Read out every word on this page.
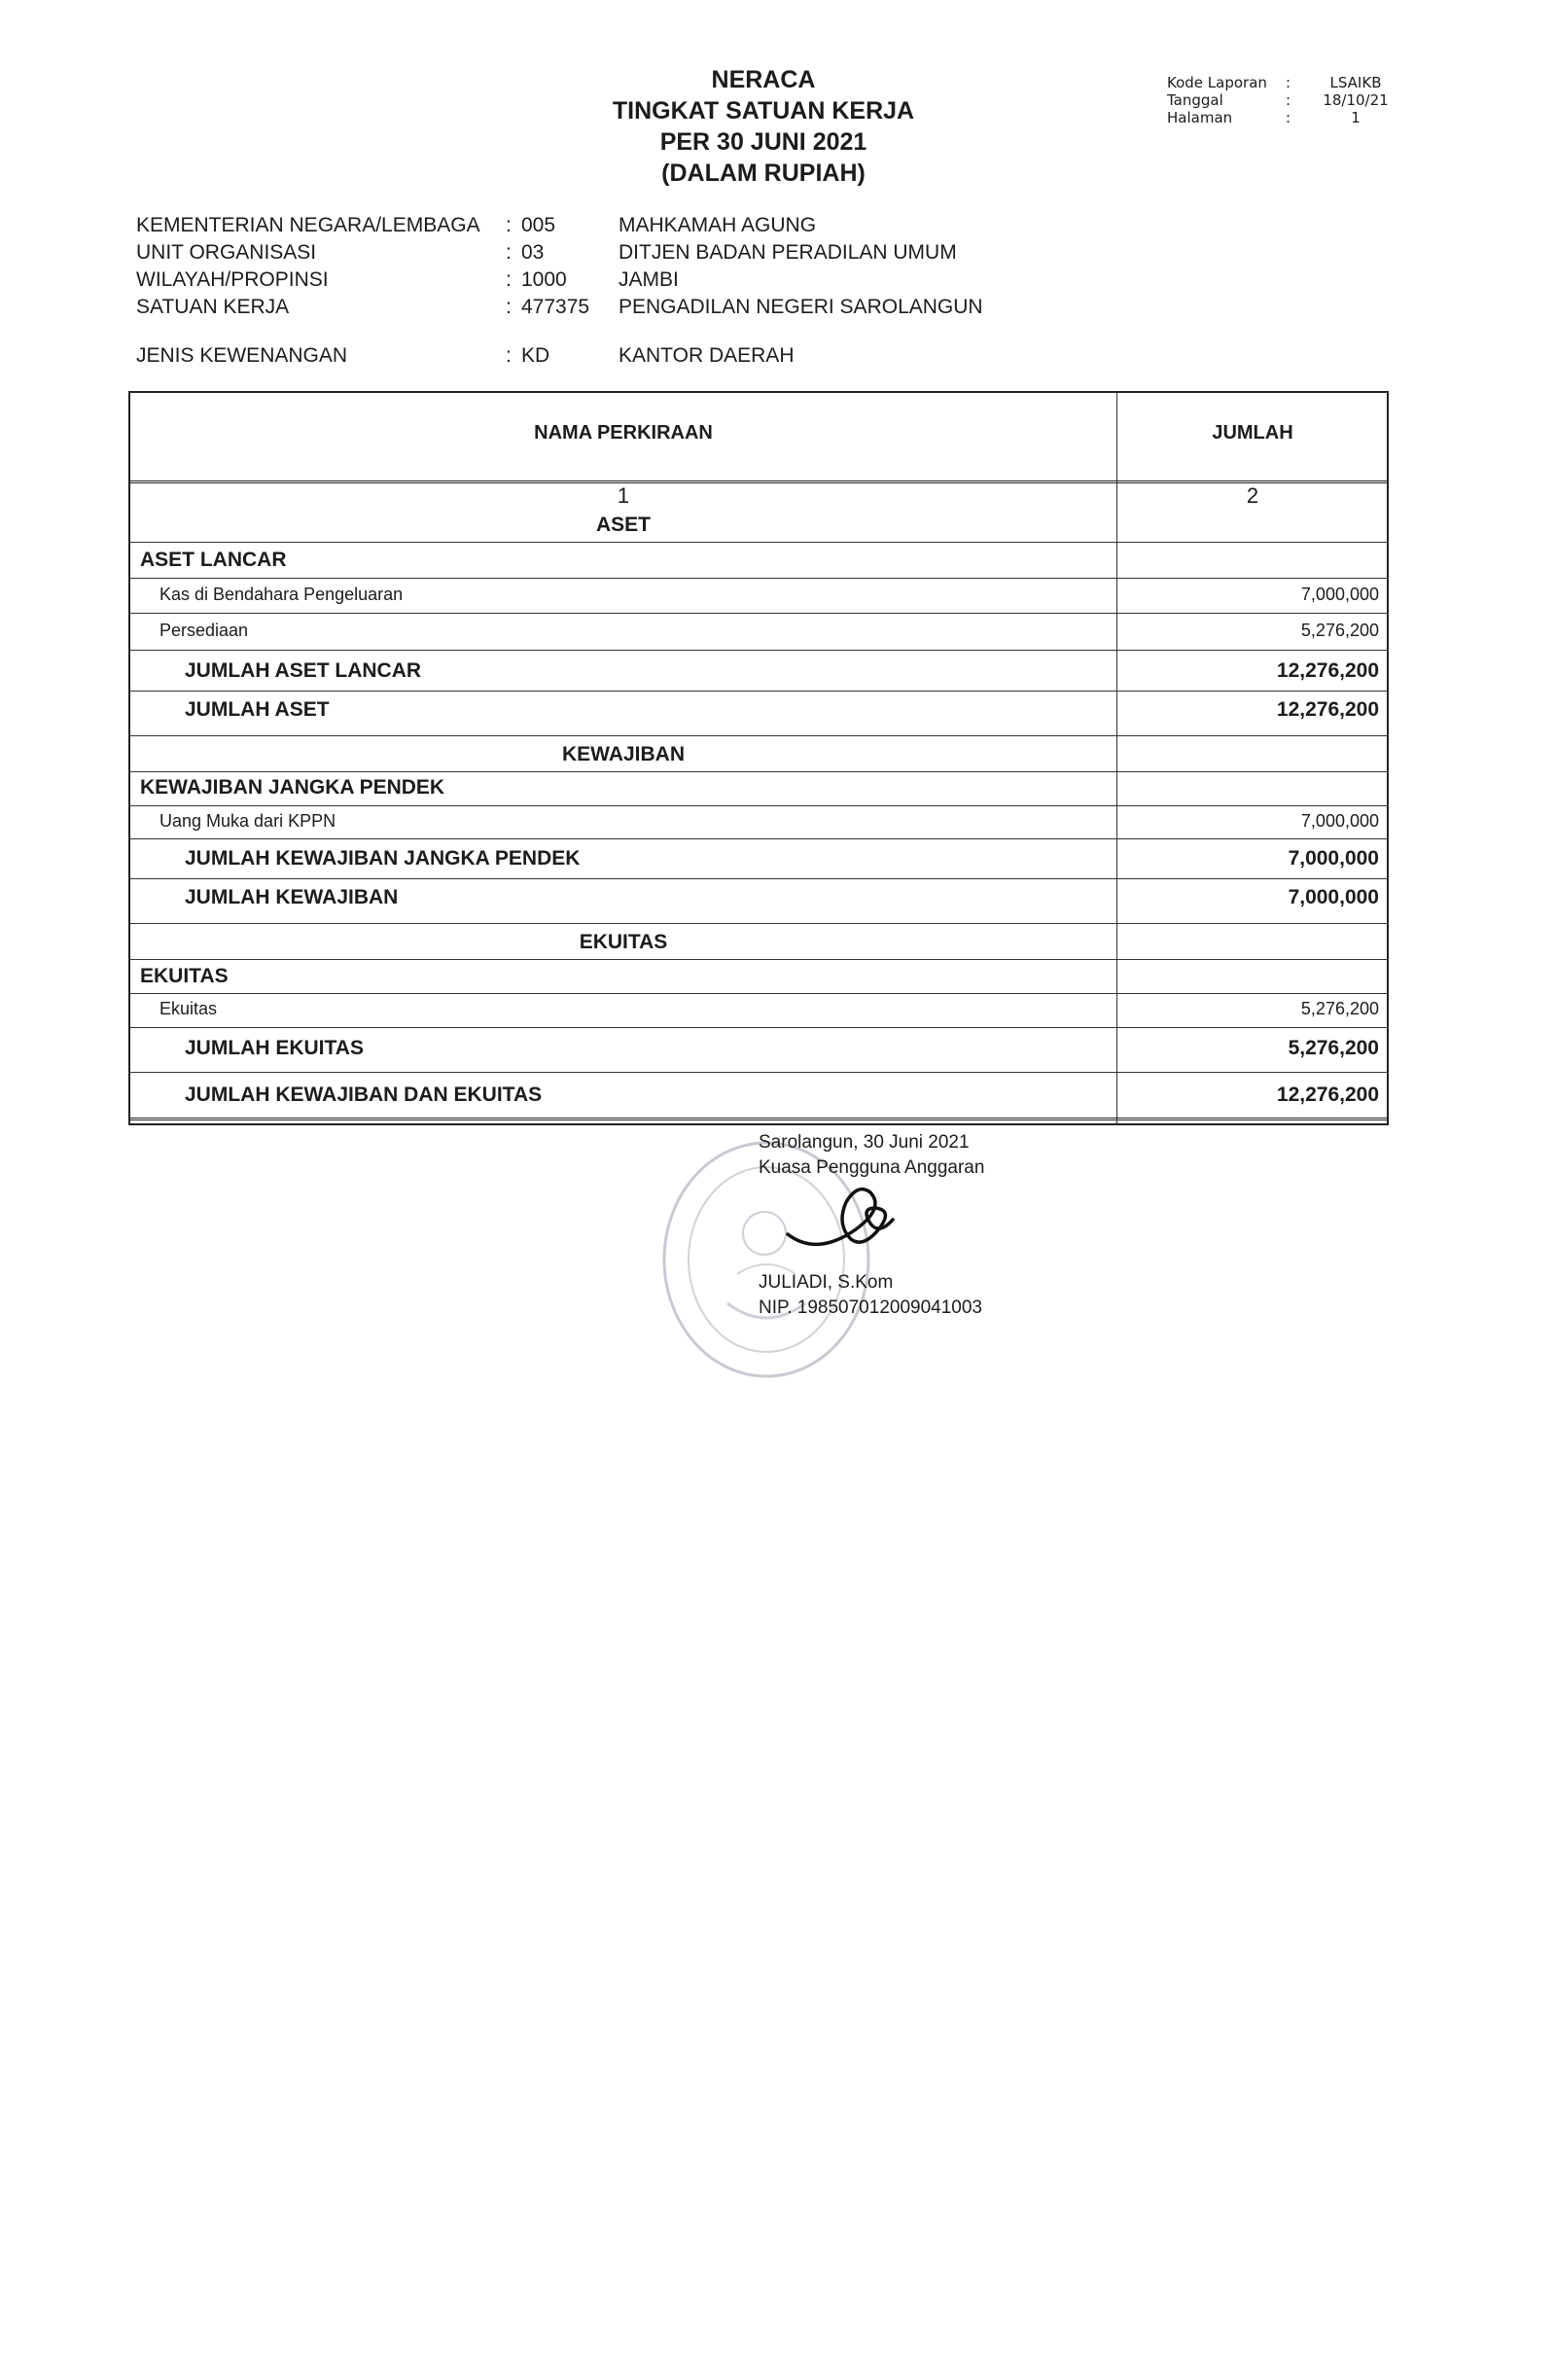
NERACA
TINGKAT SATUAN KERJA
PER 30 JUNI 2021
(DALAM RUPIAH)
Kode Laporan	:	LSAIKB
Tanggal	:	18/10/21
Halaman	:	1
KEMENTERIAN NEGARA/LEMBAGA	: 005	MAHKAMAH AGUNG
UNIT ORGANISASI	: 03	DITJEN BADAN PERADILAN UMUM
WILAYAH/PROPINSI	: 1000	JAMBI
SATUAN KERJA	: 477375	PENGADILAN NEGERI SAROLANGUN
JENIS KEWENANGAN	: KD	KANTOR DAERAH
NAMA PERKIRAAN	JUMLAH
1	2
ASET
ASET LANCAR
Kas di Bendahara Pengeluaran	7,000,000
Persediaan	5,276,200
JUMLAH ASET LANCAR	12,276,200
JUMLAH ASET	12,276,200
KEWAJIBAN
KEWAJIBAN JANGKA PENDEK
Uang Muka dari KPPN	7,000,000
JUMLAH KEWAJIBAN JANGKA PENDEK	7,000,000
JUMLAH KEWAJIBAN	7,000,000
EKUITAS
EKUITAS
Ekuitas	5,276,200
JUMLAH EKUITAS	5,276,200
JUMLAH KEWAJIBAN DAN EKUITAS	12,276,200
Sarolangun, 30 Juni 2021
Kuasa Pengguna Anggaran
JULIADI, S.Kom
NIP. 198507012009041003
